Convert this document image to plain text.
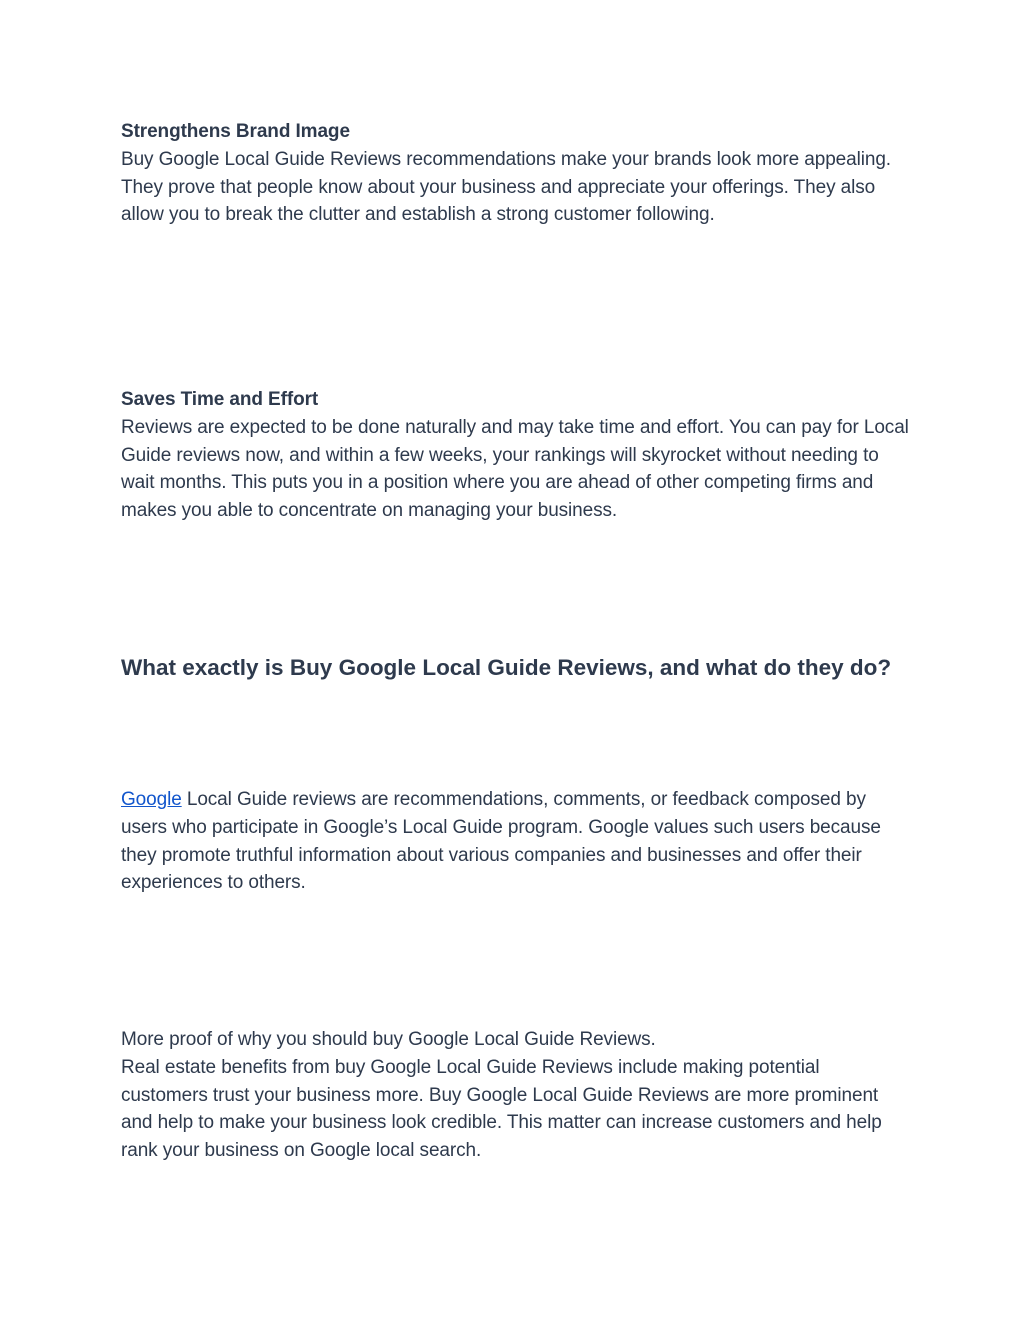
Strengthens Brand Image

Buy Google Local Guide Reviews recommendations make your brands look more appealing. They prove that people know about your business and appreciate your offerings. They also allow you to break the clutter and establish a strong customer following.

Saves Time and Effort

Reviews are expected to be done naturally and may take time and effort. You can pay for Local Guide reviews now, and within a few weeks, your rankings will skyrocket without needing to wait months. This puts you in a position where you are ahead of other competing firms and makes you able to concentrate on managing your business.

What exactly is Buy Google Local Guide Reviews, and what do they do?

Google Local Guide reviews are recommendations, comments, or feedback composed by users who participate in Google’s Local Guide program. Google values such users because they promote truthful information about various companies and businesses and offer their experiences to others.

More proof of why you should buy Google Local Guide Reviews.

Real estate benefits from buy Google Local Guide Reviews include making potential customers trust your business more. Buy Google Local Guide Reviews are more prominent and help to make your business look credible. This matter can increase customers and help rank your business on Google local search.
